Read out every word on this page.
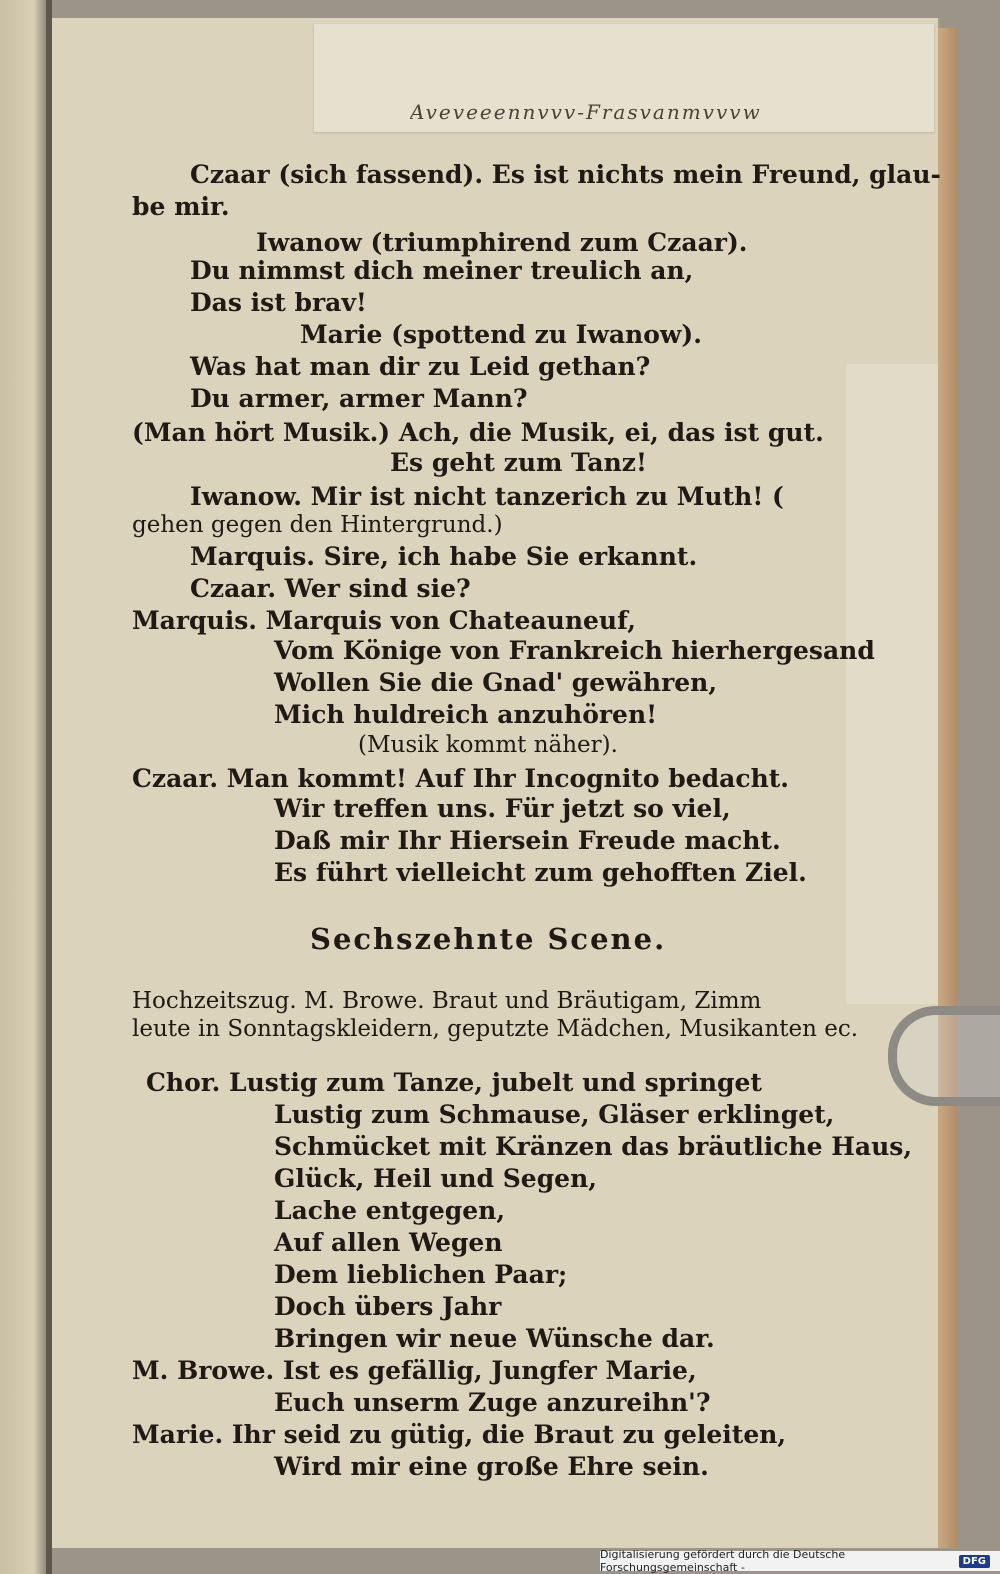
Aveveeennvvv-Frasvanmvvvw
Czaar (sich fassend). Es ist nichts mein Freund, glau-
be mir.
Iwanow (triumphirend zum Czaar).
Du nimmst dich meiner treulich an,
Das ist brav!
Marie (spottend zu Iwanow).
Was hat man dir zu Leid gethan?
Du armer, armer Mann?
(Man hört Musik.) Ach, die Musik, ei, das ist gut.
Es geht zum Tanz!
Iwanow. Mir ist nicht tanzerich zu Muth! (
gehen gegen den Hintergrund.)
Marquis. Sire, ich habe Sie erkannt.
Czaar. Wer sind sie?
Marquis. Marquis von Chateauneuf,
Vom Könige von Frankreich hierhergesand
Wollen Sie die Gnad' gewähren,
Mich huldreich anzuhören!
(Musik kommt näher).
Czaar. Man kommt! Auf Ihr Incognito bedacht.
Wir treffen uns. Für jetzt so viel,
Daß mir Ihr Hiersein Freude macht.
Es führt vielleicht zum gehofften Ziel.
Sechszehnte Scene.
Hochzeitszug. M. Browe. Braut und Bräutigam, Zimm
leute in Sonntagskleidern, geputzte Mädchen, Musikanten ec.
Chor. Lustig zum Tanze, jubelt und springet
Lustig zum Schmause, Gläser erklinget,
Schmücket mit Kränzen das bräutliche Haus,
Glück, Heil und Segen,
Lache entgegen,
Auf allen Wegen
Dem lieblichen Paar;
Doch übers Jahr
Bringen wir neue Wünsche dar.
M. Browe. Ist es gefällig, Jungfer Marie,
Euch unserm Zuge anzureihn'?
Marie. Ihr seid zu gütig, die Braut zu geleiten,
Wird mir eine große Ehre sein.
Digitalisierung gefördert durch die Deutsche Forschungsgemeinschaft -	DFG
